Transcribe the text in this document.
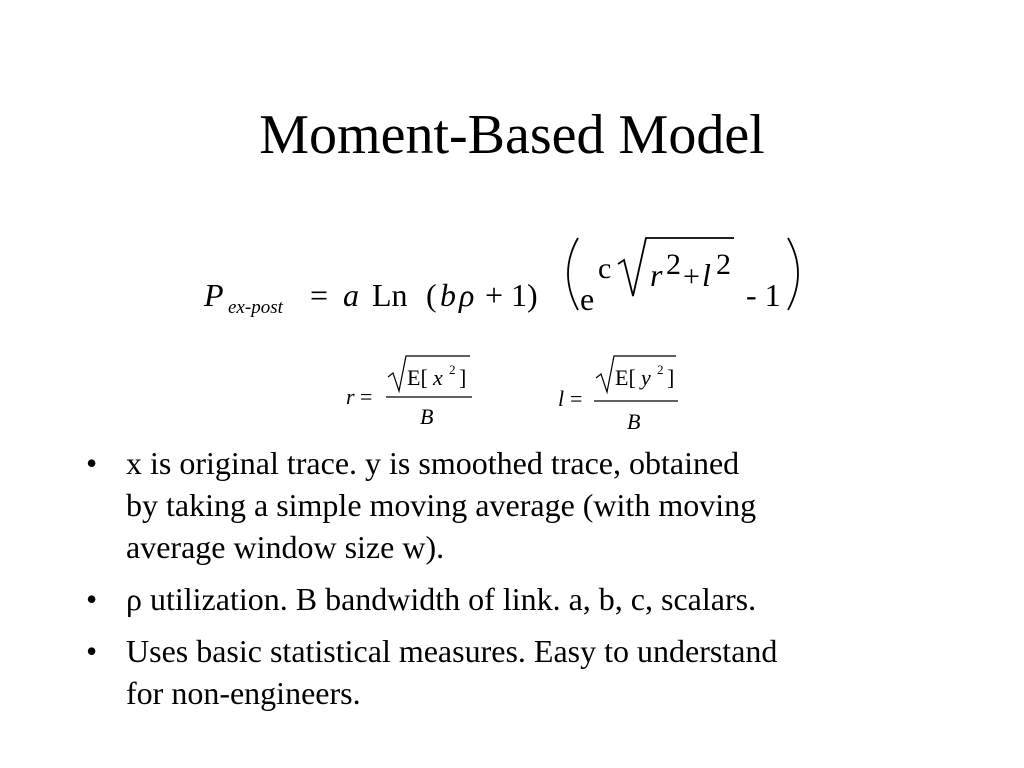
Moment-Based Model
P ex-post = a Ln ( b ρ + 1) e
c r 2 + l 2
- 1
r =
E[ x 2 ]
B
l =
E[ y 2 ]
B
• x is original trace. y is smoothed trace, obtained
by taking a simple moving average (with moving
average window size w).
• ρ utilization. B bandwidth of link. a, b, c, scalars.
• Uses basic statistical measures. Easy to understand
for non-engineers.
